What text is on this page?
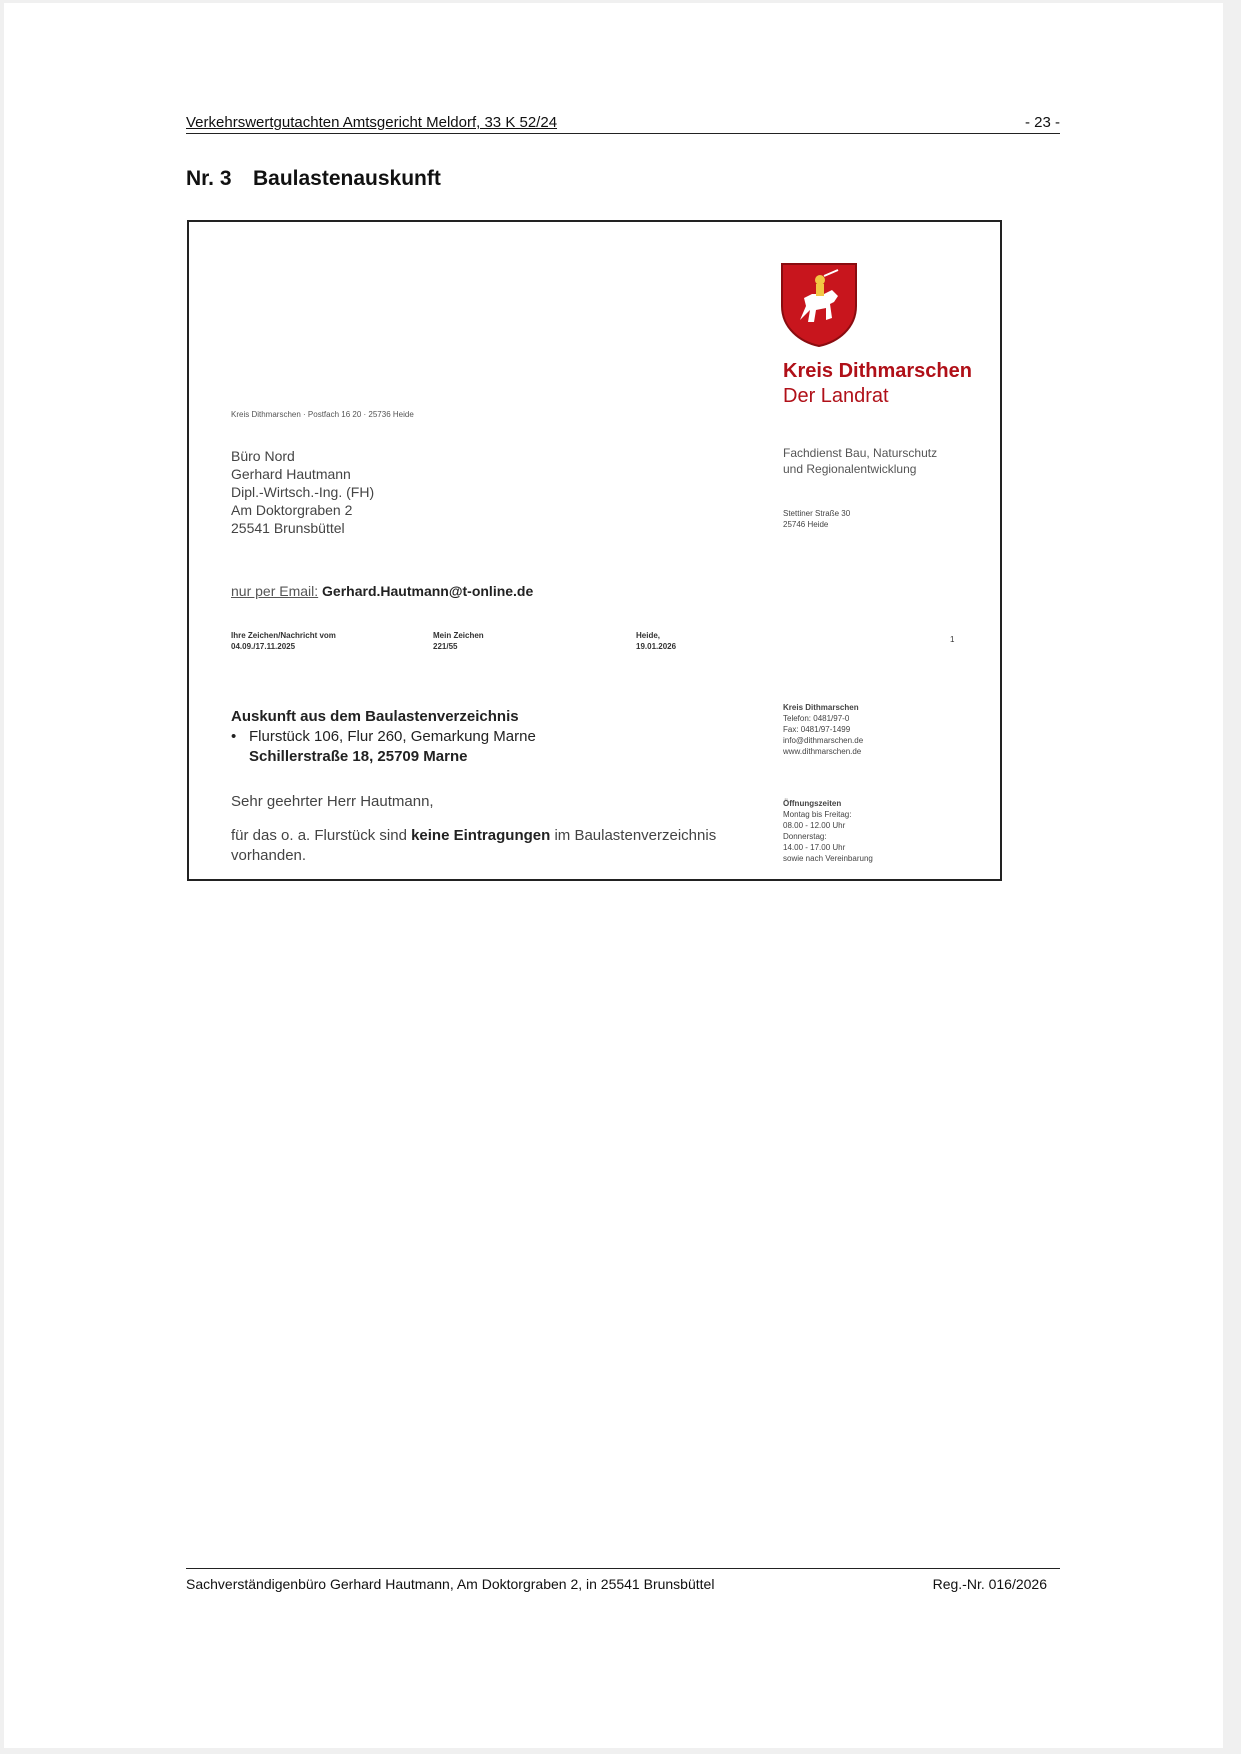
Verkehrswertgutachten Amtsgericht Meldorf, 33 K 52/24	- 23 -
Nr. 3 Baulastenauskunft
Kreis Dithmarschen
Der Landrat
Kreis Dithmarschen · Postfach 16 20 · 25736 Heide
Büro Nord
Gerhard Hautmann
Dipl.-Wirtsch.-Ing. (FH)
Am Doktorgraben 2
25541 Brunsbüttel
Fachdienst Bau, Naturschutz
und Regionalentwicklung
Stettiner Straße 30
25746 Heide
nur per Email: Gerhard.Hautmann@t-online.de
Ihre Zeichen/Nachricht vom
04.09./17.11.2025
Mein Zeichen
221/55
Heide,
19.01.2026
1
Auskunft aus dem Baulastenverzeichnis
• Flurstück 106, Flur 260, Gemarkung Marne
Schillerstraße 18, 25709 Marne
Kreis Dithmarschen
Telefon: 0481/97-0
Fax: 0481/97-1499
info@dithmarschen.de
www.dithmarschen.de
Sehr geehrter Herr Hautmann,
für das o. a. Flurstück sind keine Eintragungen im Baulastenverzeichnis
vorhanden.
Öffnungszeiten
Montag bis Freitag:
08.00 - 12.00 Uhr
Donnerstag:
14.00 - 17.00 Uhr
sowie nach Vereinbarung
Sachverständigenbüro Gerhard Hautmann, Am Doktorgraben 2, in 25541 Brunsbüttel	Reg.-Nr. 016/2026
